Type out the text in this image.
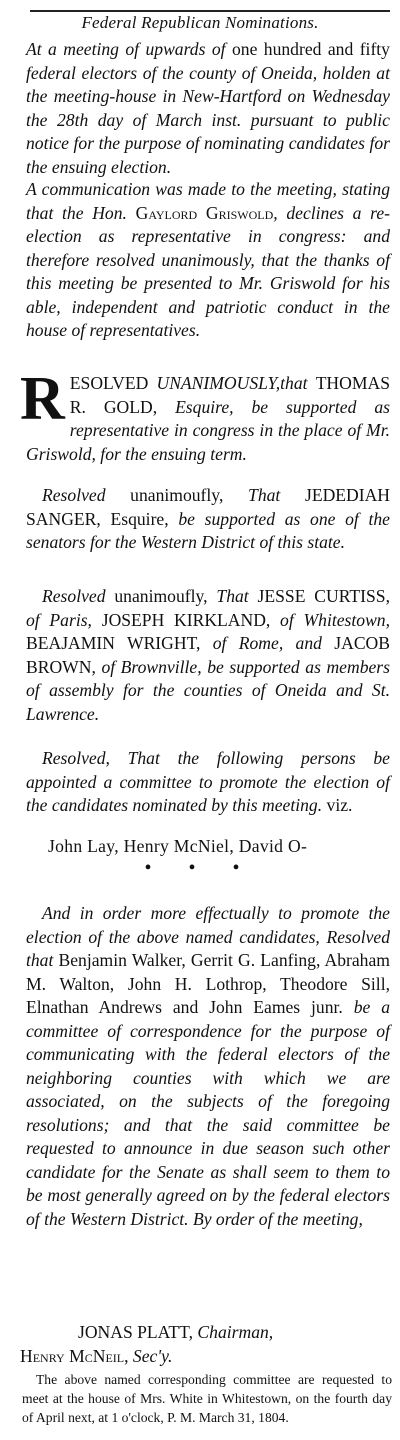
Federal Republican Nominations.

At a meeting of upwards of one hundred and fifty federal electors of the county of Oneida, holden at the meeting-house in New-Hartford on Wednesday the 28th day of March inst. pursuant to public notice for the purpose of nominating candidates for the ensuing election.

A communication was made to the meeting, stating that the Hon. Gaylord Griswold, declines a re-election as representative in congress: and therefore resolved unanimously, that the thanks of this meeting be presented to Mr. Griswold for his able, independent and patriotic conduct in the house of representatives.

RESOLVED UNANIMOUSLY,that THOMAS R. GOLD, Esquire, be supported as representative in congress in the place of Mr. Griswold, for the ensuing term.

Resolved unanimoufly, That JEDEDIAH SANGER, Esquire, be supported as one of the senators for the Western District of this state.

Resolved unanimoufly, That JESSE CURTISS, of Paris, JOSEPH KIRKLAND, of Whitestown, BEAJAMIN WRIGHT, of Rome, and JACOB BROWN, of Brownville, be supported as members of assembly for the counties of Oneida and St. Lawrence.

Resolved, That the following persons be appointed a committee to promote the election of the candidates nominated by this meeting. viz.

John Lay, Henry McNiel, David O-
• • •

And in order more effectually to promote the election of the above named candidates, Resolved that Benjamin Walker, Gerrit G. Lanfing, Abraham M. Walton, John H. Lothrop, Theodore Sill, Elnathan Andrews and John Eames junr. be a committee of correspondence for the purpose of communicating with the federal electors of the neighboring counties with which we are associated, on the subjects of the foregoing resolutions; and that the said committee be requested to announce in due season such other candidate for the Senate as shall seem to them to be most generally agreed on by the federal electors of the Western District. By order of the meeting,

JONAS PLATT, Chairman,
Henry McNeil, Sec'y.

The above named corresponding committee are requested to meet at the house of Mrs. White in Whitestown, on the fourth day of April next, at 1 o'clock, P. M. March 31, 1804.
